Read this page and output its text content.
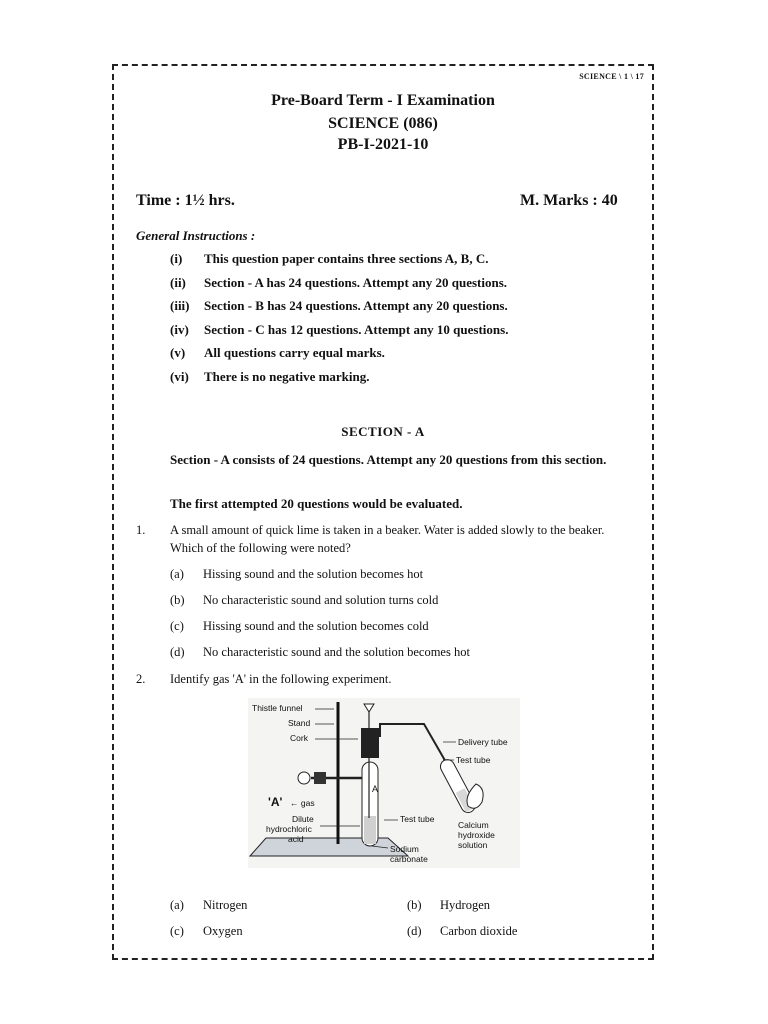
SCIENCE \ 1 \ 17
Pre-Board Term - I Examination
SCIENCE (086)
PB-I-2021-10
Time : 1½ hrs.	M. Marks : 40
General Instructions :
(i)	This question paper contains three sections A, B, C.
(ii)	Section - A has 24 questions. Attempt any 20 questions.
(iii)	Section - B has 24 questions. Attempt any 20 questions.
(iv)	Section - C has 12 questions. Attempt any 10 questions.
(v)	All questions carry equal marks.
(vi)	There is no negative marking.
SECTION - A
Section - A consists of 24 questions. Attempt any 20 questions from this section.
The first attempted 20 questions would be evaluated.
1.	A small amount of quick lime is taken in a beaker. Water is added slowly to the beaker. Which of the following were noted?
(a)	Hissing sound and the solution becomes hot
(b)	No characteristic sound and solution turns cold
(c)	Hissing sound and the solution becomes cold
(d)	No characteristic sound and the solution becomes hot
2.	Identify gas 'A' in the following experiment.
Thistle funnel
Stand
Cork	Delivery tube
Test tube
'A' ← gas
A
Dilute
hydrochloric
acid
Test tube
Calcium
hydroxide
solution
Sodium
carbonate
(a)	Nitrogen	(b)	Hydrogen
(c)	Oxygen	(d)	Carbon dioxide
